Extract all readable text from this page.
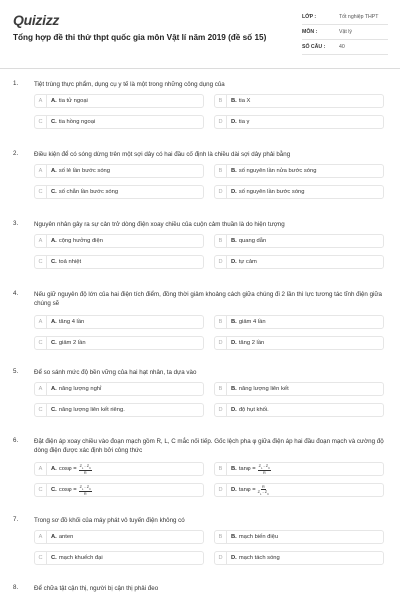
Quizizz
Tổng hợp đề thi thử thpt quốc gia môn Vật lí năm 2019 (đề số 15)
LỚP :	Tốt nghiệp THPT
MÔN :	Vật lý
SỐ CÂU :	40
1.	Tiệt trùng thực phẩm, dụng cụ y tế là một trong những công dụng của
A	A. tia tử ngoại	B	B. tia X
C	C. tia hồng ngoại	D	D. tia γ
2.	Điều kiện để có sóng dừng trên một sợi dây có hai đầu cố định là chiều dài sợi dây phải bằng
A	A. số lẻ lần bước sóng	B	B. số nguyên lần nửa bước sóng
C	C. số chẵn lần bước sóng	D	D. số nguyên lần bước sóng
3.	Nguyên nhân gây ra sự cản trở dòng điện xoay chiều của cuộn cảm thuần là do hiện tượng
A	A. cộng hưởng điện	B	B. quang dẫn
C	C. toả nhiệt	D	D. tự cảm
4.	Nếu giữ nguyên độ lớn của hai điện tích điểm, đồng thời giảm khoảng cách giữa chúng đi 2 lần thì lực tương tác tĩnh điện giữa chúng sẽ
A	A. tăng 4 lần	B	B. giảm 4 lần
C	C. giảm 2 lần	D	D. tăng 2 lần
5.	Để so sánh mức độ bền vững của hai hạt nhân, ta dựa vào
A	A. năng lượng nghỉ	B	B. năng lượng liên kết
C	C. năng lượng liên kết riêng.	D	D. độ hụt khối.
6.	Đặt điện áp xoay chiều vào đoạn mạch gồm R, L, C mắc nối tiếp. Gốc lệch pha φ giữa điện áp hai đầu đoạn mạch và cường độ dòng điện được xác định bởi công thức
A	A. $\cos\varphi = \frac{Z_L - Z_C}{R}$	B	B. $\tan\varphi = \frac{Z_L - Z_C}{R}$
C	C. $\cos\varphi = \frac{Z_L - Z_C}{R}$	D	D. $\tan\varphi = \frac{R}{Z_L - Z_C}$
7.	Trong sơ đồ khối của máy phát vô tuyến điện không có
A	A. anten	B	B. mạch biến điệu
C	C. mạch khuếch đại	D	D. mạch tách sóng
8.	Để chữa tật cận thị, người bị cận thị phải đeo
